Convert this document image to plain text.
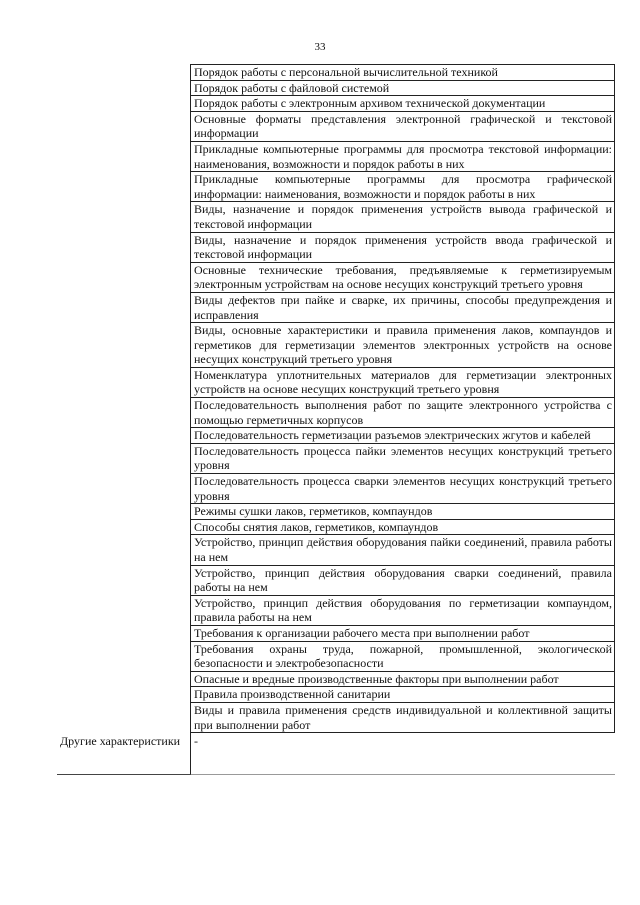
33
	Порядок работы с персональной вычислительной техникой
	Порядок работы с файловой системой
	Порядок работы с электронным архивом технической документации
	Основные форматы представления электронной графической и текстовой информации
	Прикладные компьютерные программы для просмотра текстовой информации: наименования, возможности и порядок работы в них
	Прикладные компьютерные программы для просмотра графической информации: наименования, возможности и порядок работы в них
	Виды, назначение и порядок применения устройств вывода графической и текстовой информации
	Виды, назначение и порядок применения устройств ввода графической и текстовой информации
	Основные технические требования, предъявляемые к герметизируемым электронным устройствам на основе несущих конструкций третьего уровня
	Виды дефектов при пайке и сварке, их причины, способы предупреждения и исправления
	Виды, основные характеристики и правила применения лаков, компаундов и герметиков для герметизации элементов электронных устройств на основе несущих конструкций третьего уровня
	Номенклатура уплотнительных материалов для герметизации электронных устройств на основе несущих конструкций третьего уровня
	Последовательность выполнения работ по защите электронного устройства с помощью герметичных корпусов
	Последовательность герметизации разъемов электрических жгутов и кабелей
	Последовательность процесса пайки элементов несущих конструкций третьего уровня
	Последовательность процесса сварки элементов несущих конструкций третьего уровня
	Режимы сушки лаков, герметиков, компаундов
	Способы снятия лаков, герметиков, компаундов
	Устройство, принцип действия оборудования пайки соединений, правила работы на нем
	Устройство, принцип действия оборудования сварки соединений, правила работы на нем
	Устройство, принцип действия оборудования по герметизации компаундом, правила работы на нем
	Требования к организации рабочего места при выполнении работ
	Требования охраны труда, пожарной, промышленной, экологической безопасности и электробезопасности
	Опасные и вредные производственные факторы при выполнении работ
	Правила производственной санитарии
	Виды и правила применения средств индивидуальной и коллективной защиты при выполнении работ
Другие характеристики	-
